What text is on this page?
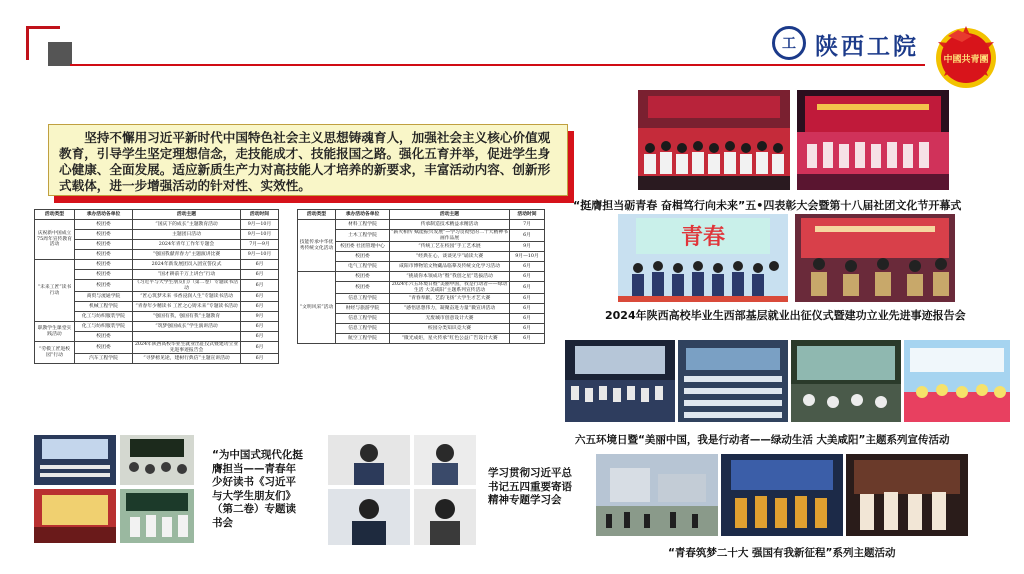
工 陕西工院	中國共青團
坚持不懈用习近平新时代中国特色社会主义思想铸魂育人，加强社会主义核心价值观教育，引导学生坚定理想信念，走技能成才、技能报国之路。强化五育并举，促进学生身心健康、全面发展。适应新质生产力对高技能人才培养的新要求，丰富活动内容、创新形式载体，进一步增强活动的针对性、实效性。
活动类型	承办活动各单位	活动主题	活动时间
庆祝新中国成立75周年宣传教育活动	校团委	“国庆下的成长”主题教育活动	9月—10月
	校团委	主题团日活动	9月—10月
	校团委	2024年青年工作年专题会	7月—9月
	校团委	“强国我献青春力”主题演讲比赛	9月—10月
“未来工匠”读书行动	校团委	2024年新发展团员入团宣誓仪式	6月
	校团委	“国才耕前千万上讲台”行动	6月
	校团委	《习近平与大学生朋友们》（第二卷）专题读书活动	6月
	商贸与流通学院	“匠心筑梦未来 书香浸润人生”专题读书活动	6月
	机械工程学院	“青春年少精读书 工匠之心铸未来”专题读书活动	6月
	化工与纺织服装学院	“强国有我，强国有我”主题教育	9月
职教学生课堂实践活动	化工与纺织服装学院	“筑梦强国成长”学生演讲活动	6月
	校团委		6月
“劳模工匠进校园”行动	校团委	2024年陕西高校毕业生就业出征仪式暨建功立业先进事迹报告会	6月
	汽车工程学院	“寻梦榜见途，建树行典信”主题宣讲活动	6月
活动类型	承办活动各单位	活动主题	活动时间
技能传承中华优秀传统文化活动	材料工程学院	传承制造技术精益求精活动	7月
	土木工程学院	“薪火相传 赋能振兴发展”—学习贯彻党的二十大精神书画作品展	6月
	校团委 社团管理中心	“传统工艺在校园”手工艺术展	9月
	校团委	“经典在心，谈谈见字”诵读大赛	9月—10月
	电气工程学院	咸阳市博物馆文物藏品临摹及传统文化学习活动	6月
“文明风采”活动	校团委	“挑战你本领成功”暨“我创之星”选拔活动	6月
	校团委	2024年六五环境日暨“美丽中国，我是行动者——绿动生活 大美咸阳”主题系列宣传活动	6月
	信息工程学院	“青春奉献，艺韵飞扬”大学生才艺大赛	6月
	财经与旅游学院	“感悟思想伟力，凝聚奋进力量”微宣讲活动	6月
	信息工程学院	无废城市创意设计大赛	6月
	信息工程学院	校园分类知识竞大赛	6月
	航空工程学院	“微光成炬，星火传承”红色公益广告设计大赛	6月
“挺膺担当砺青春 奋楫笃行向未来”五•四表彰大会暨第十八届社团文化节开幕式
青春
2024年陕西高校毕业生西部基层就业出征仪式暨建功立业先进事迹报告会
六五环境日暨“美丽中国，我是行动者——绿动生活 大美咸阳”主题系列宣传活动
“青春筑梦二十大 强国有我新征程”系列主题活动
“为中国式现代化挺膺担当——青春年少好读书《习近平与大学生朋友们》（第二卷）专题读书会
学习贯彻习近平总书记五四重要寄语精神专题学习会
